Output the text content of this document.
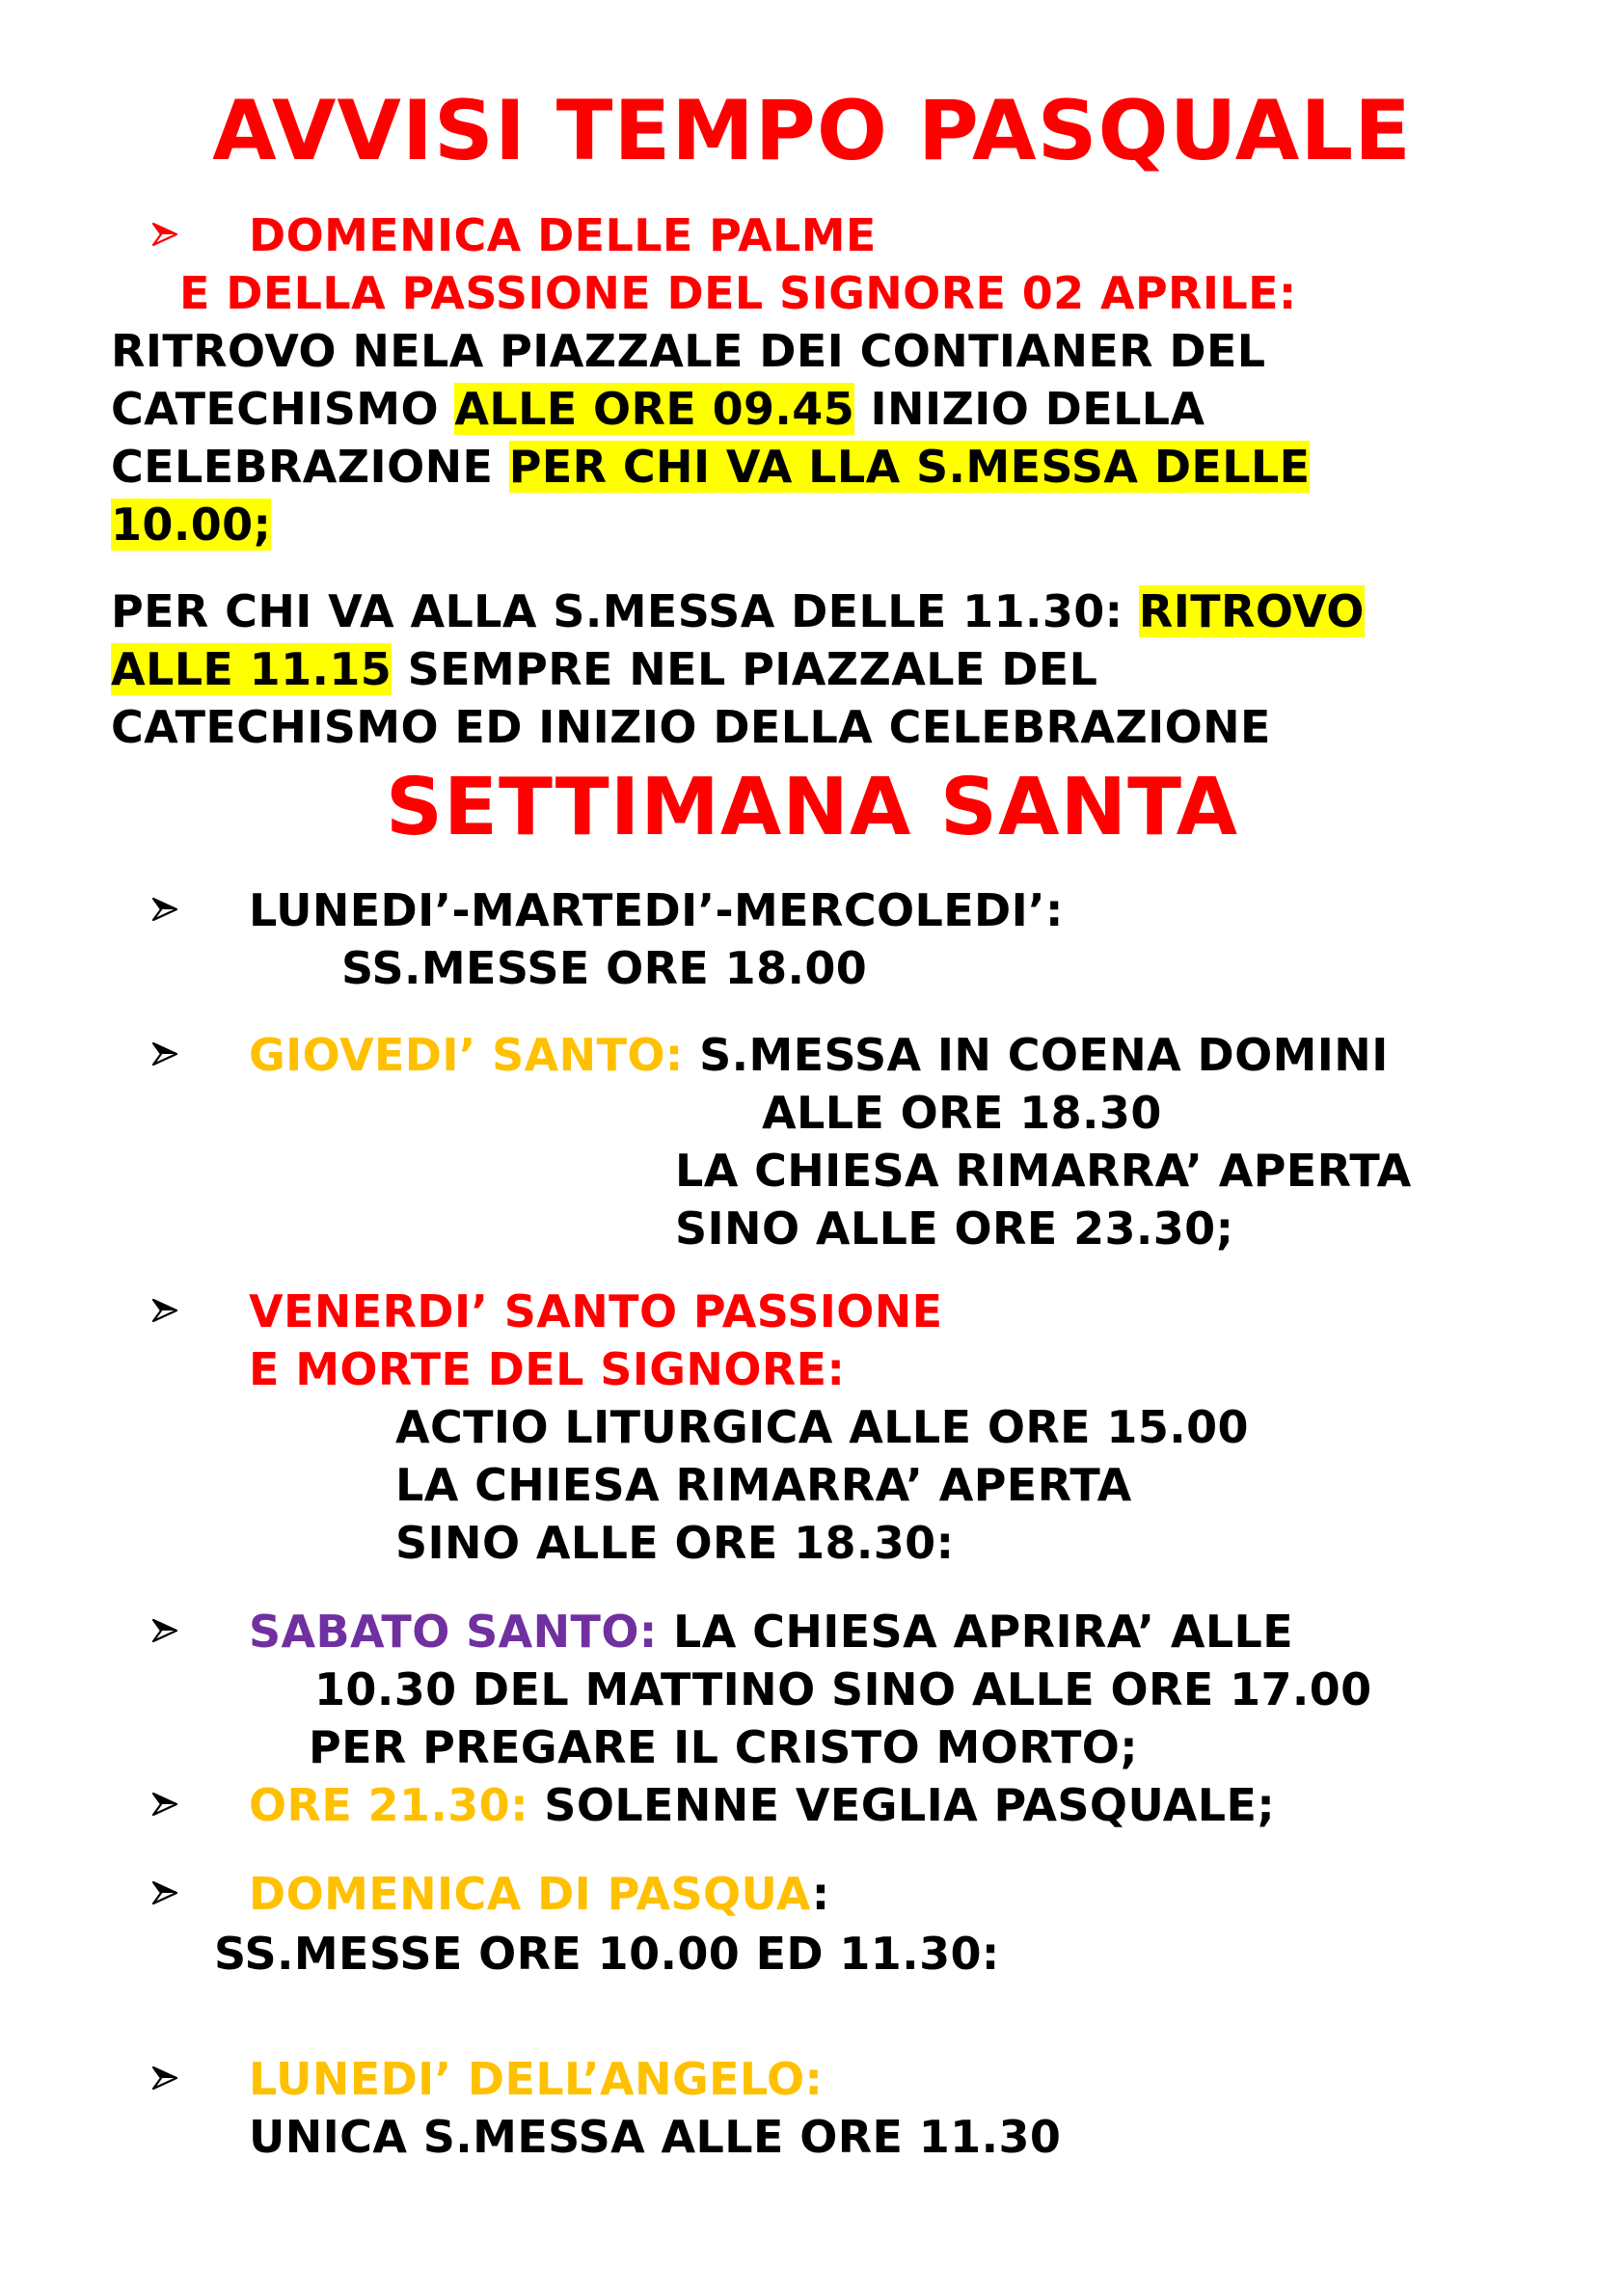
AVVISI TEMPO PASQUALE
DOMENICA DELLE PALME
E DELLA PASSIONE DEL SIGNORE 02 APRILE:
RITROVO NELA PIAZZALE DEI CONTIANER DEL
CATECHISMO ALLE ORE 09.45 INIZIO DELLA
CELEBRAZIONE PER CHI VA LLA S.MESSA DELLE
10.00;
PER CHI VA ALLA S.MESSA DELLE 11.30: RITROVO
ALLE 11.15 SEMPRE NEL PIAZZALE DEL
CATECHISMO ED INIZIO DELLA CELEBRAZIONE
SETTIMANA SANTA
LUNEDI’-MARTEDI’-MERCOLEDI’:
SS.MESSE ORE 18.00
GIOVEDI’ SANTO: S.MESSA IN COENA DOMINI
ALLE ORE 18.30
LA CHIESA RIMARRA’ APERTA
SINO ALLE ORE 23.30;
VENERDI’ SANTO PASSIONE
E MORTE DEL SIGNORE:
ACTIO LITURGICA ALLE ORE 15.00
LA CHIESA RIMARRA’ APERTA
SINO ALLE ORE 18.30:
SABATO SANTO: LA CHIESA APRIRA’ ALLE
10.30 DEL MATTINO SINO ALLE ORE 17.00
PER PREGARE IL CRISTO MORTO;
ORE 21.30: SOLENNE VEGLIA PASQUALE;
DOMENICA DI PASQUA:
SS.MESSE ORE 10.00 ED 11.30:
LUNEDI’ DELL’ANGELO:
UNICA S.MESSA ALLE ORE 11.30
